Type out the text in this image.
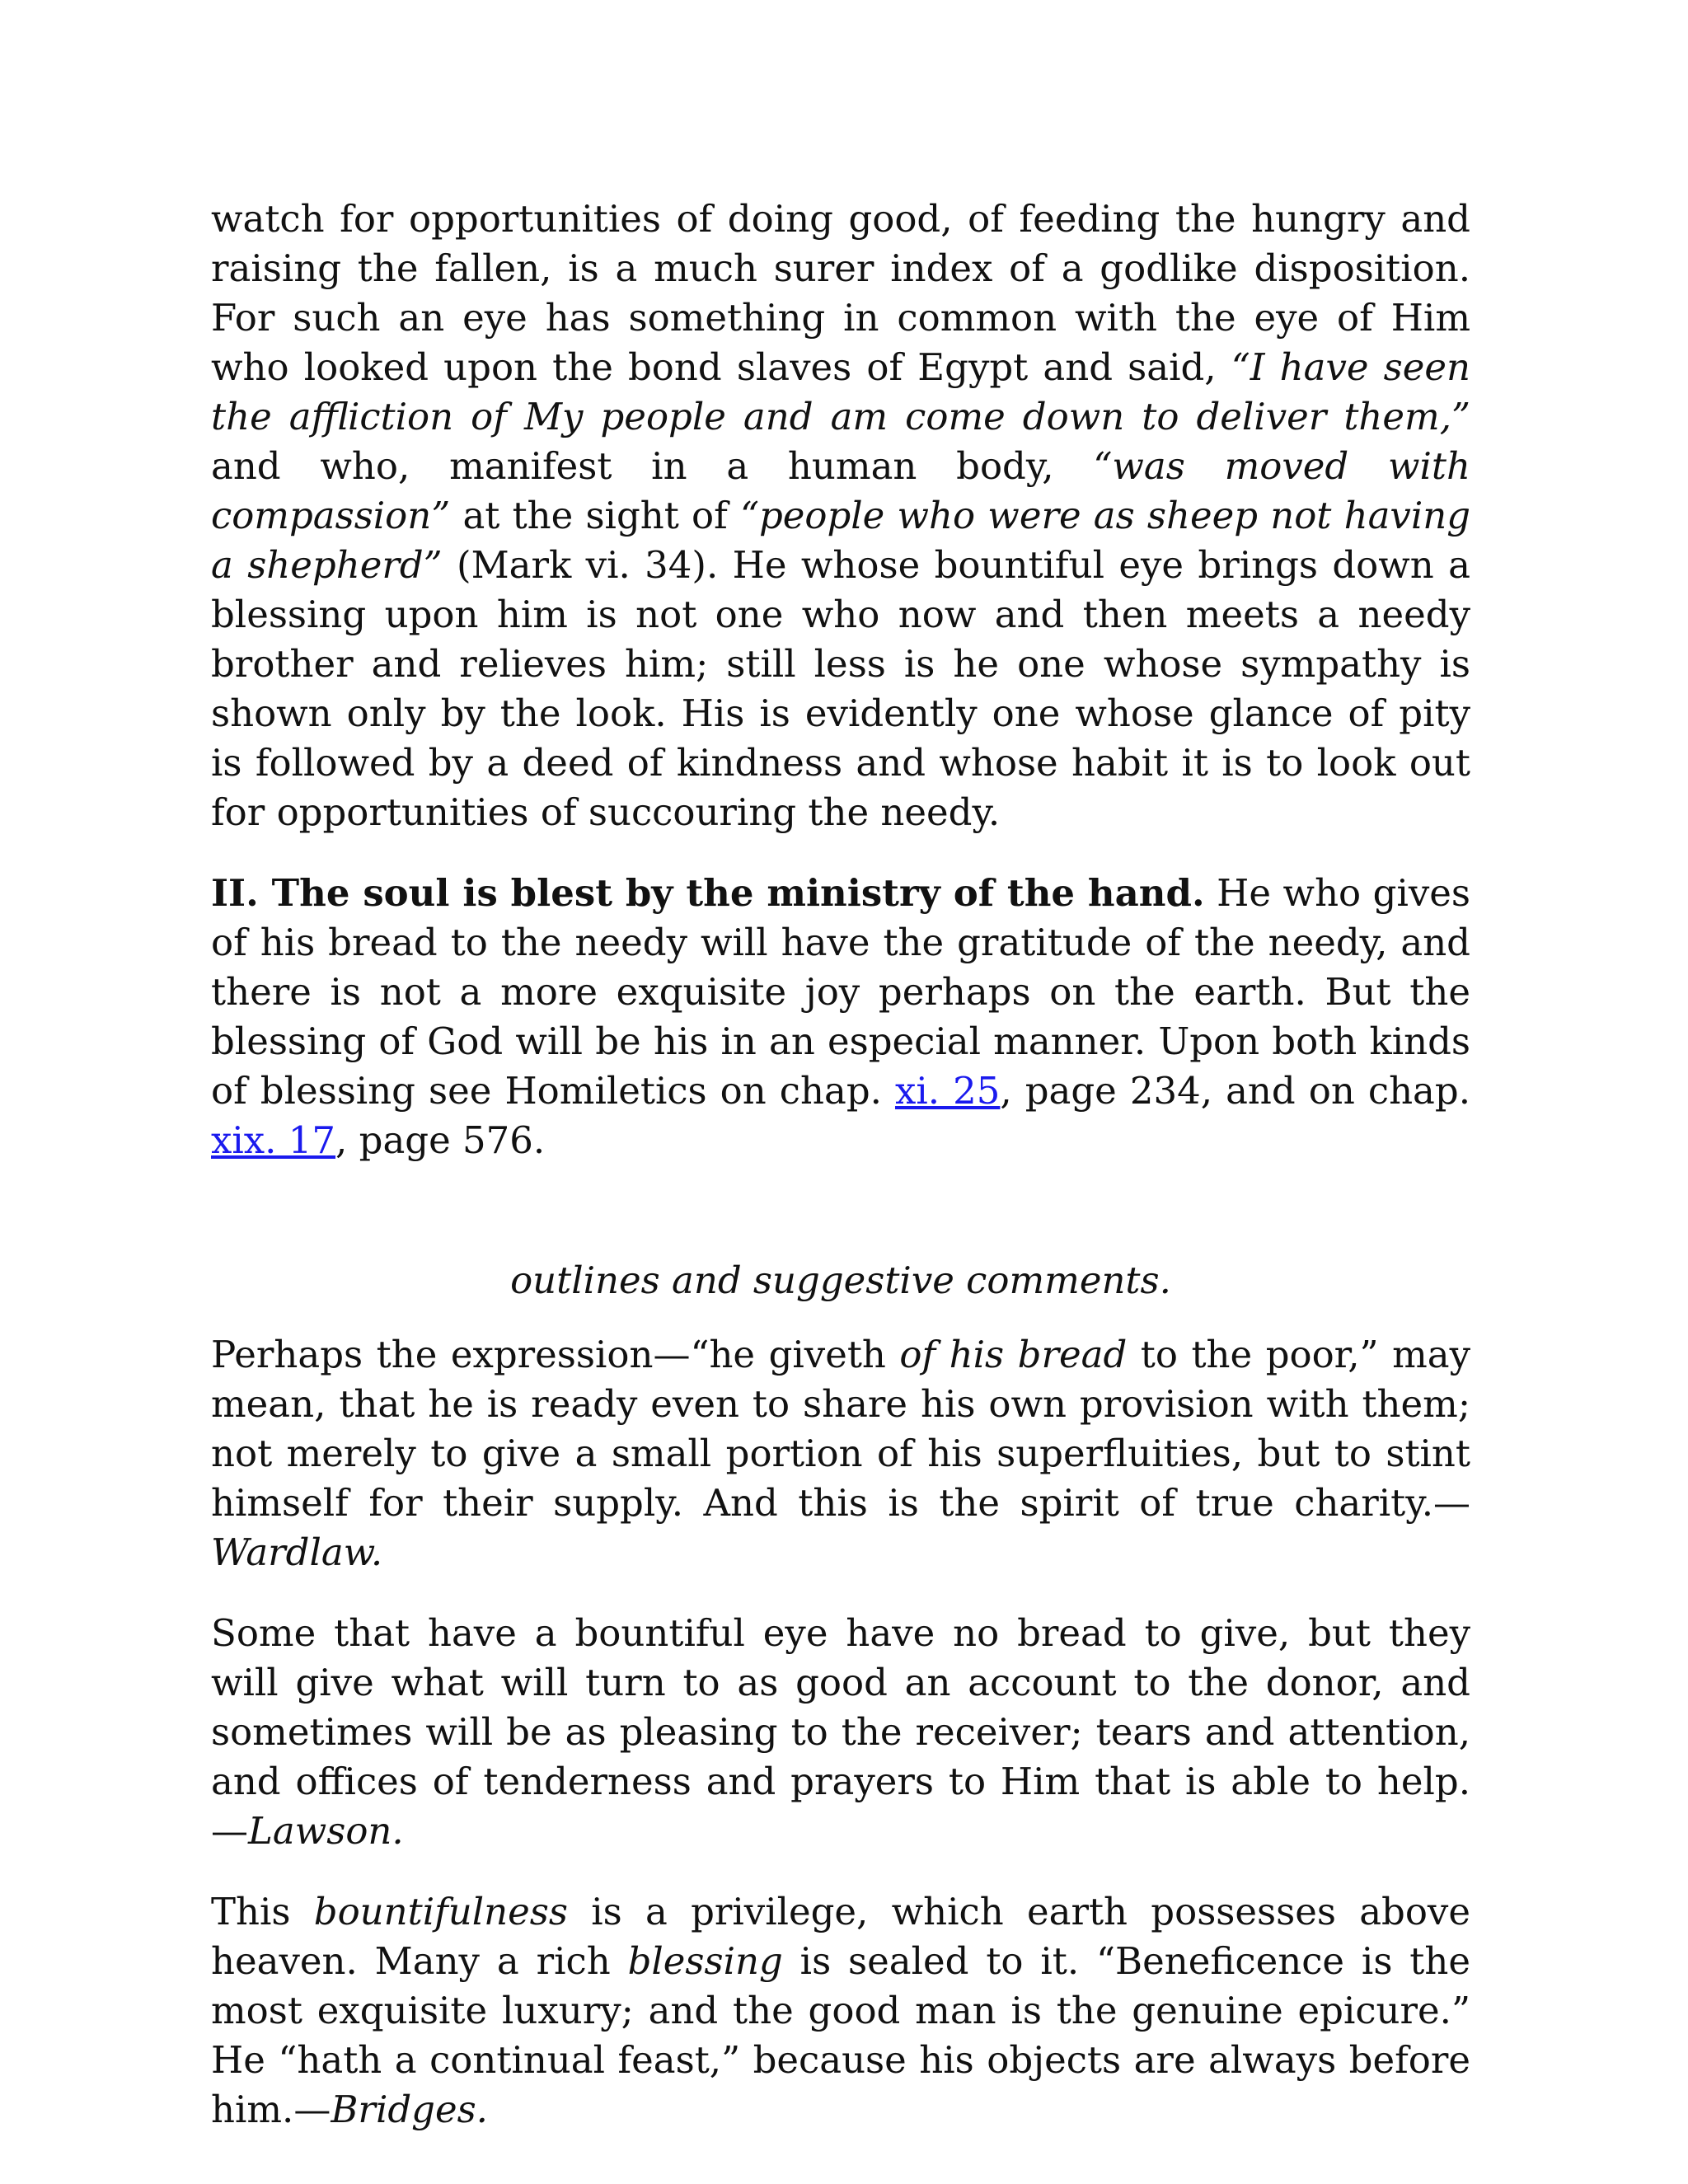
watch for opportunities of doing good, of feeding the hungry and raising the fallen, is a much surer index of a godlike disposition. For such an eye has something in common with the eye of Him who looked upon the bond slaves of Egypt and said, “I have seen the affliction of My people and am come down to deliver them,” and who, manifest in a human body, “was moved with compassion” at the sight of “people who were as sheep not having a shepherd” (Mark vi. 34). He whose bountiful eye brings down a blessing upon him is not one who now and then meets a needy brother and relieves him; still less is he one whose sympathy is shown only by the look. His is evidently one whose glance of pity is followed by a deed of kindness and whose habit it is to look out for opportunities of succouring the needy.

II. The soul is blest by the ministry of the hand. He who gives of his bread to the needy will have the gratitude of the needy, and there is not a more exquisite joy perhaps on the earth. But the blessing of God will be his in an especial manner. Upon both kinds of blessing see Homiletics on chap. xi. 25, page 234, and on chap. xix. 17, page 576.

outlines and suggestive comments.

Perhaps the expression—“he giveth of his bread to the poor,” may mean, that he is ready even to share his own provision with them; not merely to give a small portion of his superfluities, but to stint himself for their supply. And this is the spirit of true charity.—Wardlaw.

Some that have a bountiful eye have no bread to give, but they will give what will turn to as good an account to the donor, and sometimes will be as pleasing to the receiver; tears and attention, and offices of tenderness and prayers to Him that is able to help.—Lawson.

This bountifulness is a privilege, which earth possesses above heaven. Many a rich blessing is sealed to it. “Beneficence is the most exquisite luxury; and the good man is the genuine epicure.” He “hath a continual feast,” because his objects are always before him.—Bridges.
